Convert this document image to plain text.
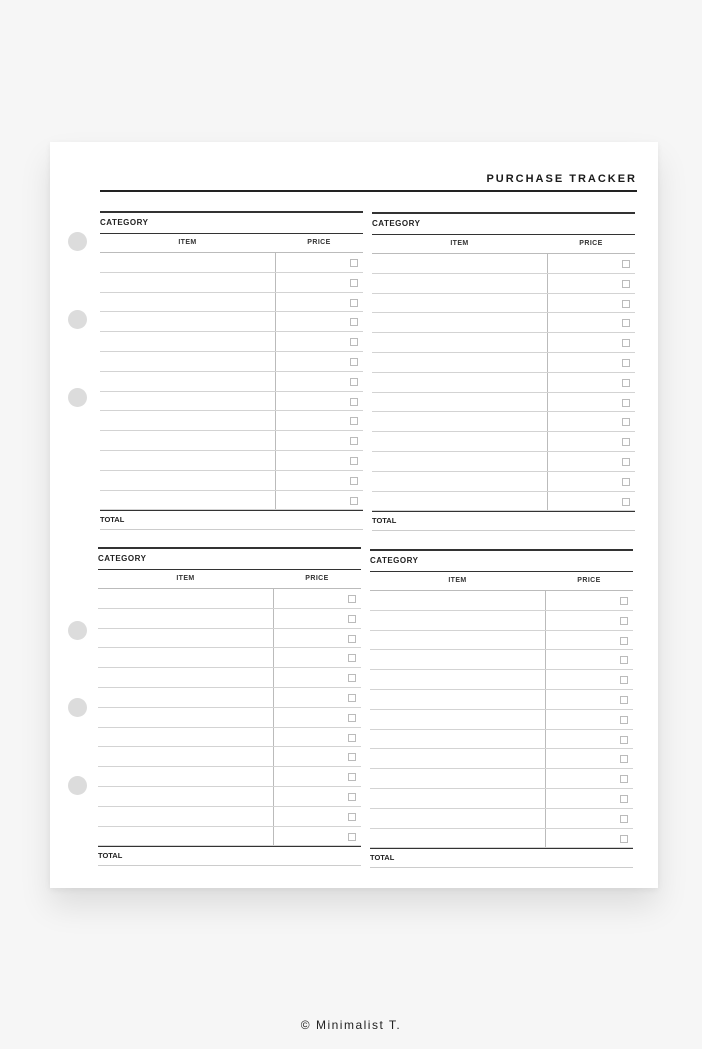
PURCHASE TRACKER
CATEGORY
ITEM	PRICE
TOTAL
CATEGORY
ITEM	PRICE
TOTAL
CATEGORY
ITEM	PRICE
TOTAL
CATEGORY
ITEM	PRICE
TOTAL
© Minimalist T.
